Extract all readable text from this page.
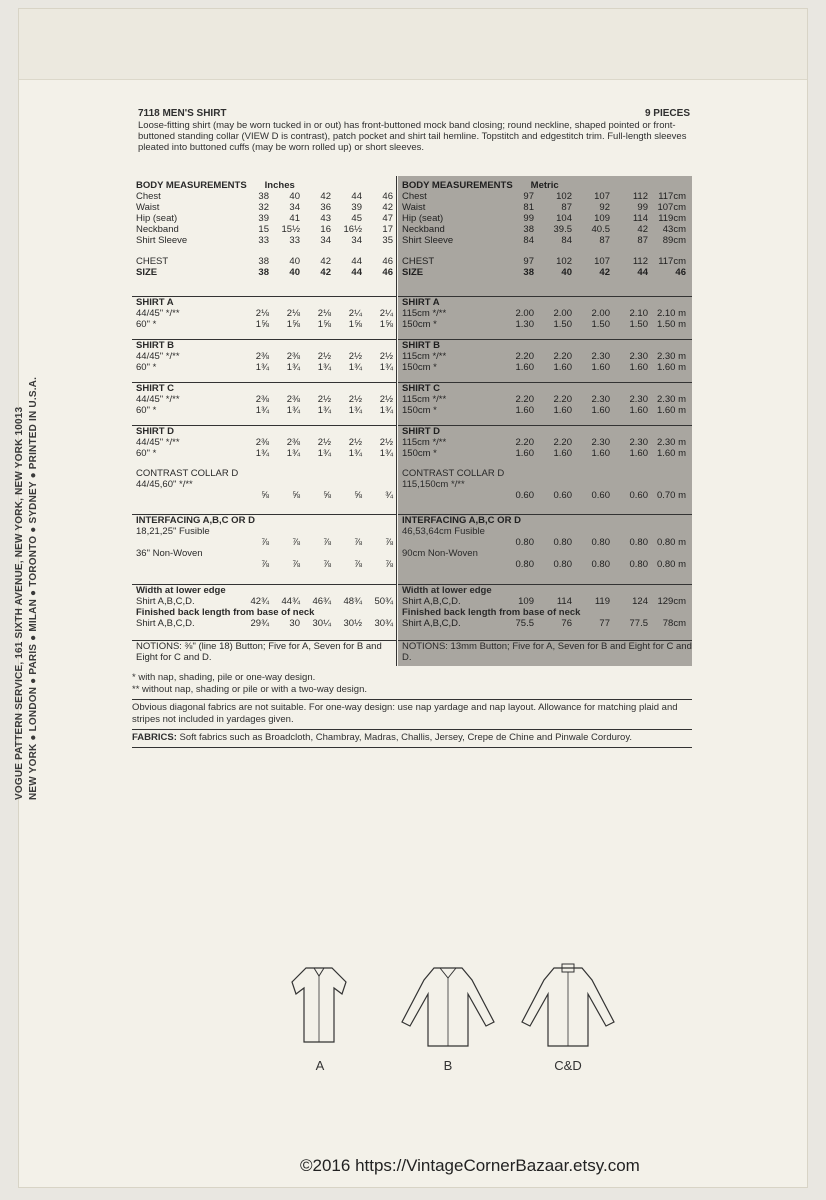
VOGUE PATTERN SERVICE, 161 SIXTH AVENUE, NEW YORK, NEW YORK 10013 NEW YORK ● LONDON ● PARIS ● MILAN ● TORONTO ● SYDNEY ● PRINTED IN U.S.A.
7118 MEN'S SHIRT	9 PIECES
Loose-fitting shirt (may be worn tucked in or out) has front-buttoned mock band closing; round neckline, shaped pointed or front-buttoned standing collar (VIEW D is contrast), patch pocket and shirt tail hemline. Topstitch and edgestitch trim. Full-length sleeves pleated into buttoned cuffs (may be worn rolled up) or short sleeves.
BODY MEASUREMENTS Inches
Chest	38	40	42	44	46
Waist	32	34	36	39	42
Hip (seat)	39	41	43	45	47
Neckband	15	15½	16	16½	17
Shirt Sleeve	33	33	34	34	35
CHEST	38	40	42	44	46
SIZE	38	40	42	44	46
SHIRT A
44/45" */**	2⅛	2⅛	2⅛	2¼	2¼
60" *	1⅝	1⅝	1⅝	1⅝	1⅝
SHIRT B
44/45" */**	2⅜	2⅜	2½	2½	2½
60" *	1¾	1¾	1¾	1¾	1¾
SHIRT C
44/45" */**	2⅜	2⅜	2½	2½	2½
60" *	1¾	1¾	1¾	1¾	1¾
SHIRT D
44/45" */**	2⅜	2⅜	2½	2½	2½
60" *	1¾	1¾	1¾	1¾	1¾
CONTRAST COLLAR D
44/45,60" */**
⅝	⅝	⅝	⅝	¾
INTERFACING A,B,C OR D
18,21,25" Fusible
⅞	⅞	⅞	⅞	⅞
36" Non-Woven
⅞	⅞	⅞	⅞	⅞
Width at lower edge
Shirt A,B,C,D.	42¾	44¾	46¾	48¾	50¾
Finished back length from base of neck
Shirt A,B,C,D.	29¾	30	30¼	30½	30¾
NOTIONS: ⅜" (line 18) Button; Five for A, Seven for B and Eight for C and D.
BODY MEASUREMENTS Metric
Chest	97	102	107	112	117cm
Waist	81	87	92	99 107cm
Hip (seat)	99	104	109	114	119cm
Neckband	38	39.5	40.5	42	43cm
Shirt Sleeve	84	84	87	87	89cm
CHEST	97	102	107	112	117cm
SIZE	38	40	42	44	46
SHIRT A
115cm */**	2.00	2.00	2.00	2.10 2.10 m
150cm *	1.30	1.50	1.50	1.50 1.50 m
SHIRT B
115cm */**	2.20	2.20	2.30	2.30 2.30 m
150cm *	1.60	1.60	1.60	1.60 1.60 m
SHIRT C
115cm */**	2.20	2.20	2.30	2.30 2.30 m
150cm *	1.60	1.60	1.60	1.60 1.60 m
SHIRT D
115cm */**	2.20	2.20	2.30	2.30 2.30 m
150cm *	1.60	1.60	1.60	1.60 1.60 m
CONTRAST COLLAR D
115,150cm */**
0.60	0.60	0.60	0.60 0.70 m
INTERFACING A,B,C OR D
46,53,64cm Fusible
0.80	0.80	0.80	0.80 0.80 m
90cm Non-Woven
0.80	0.80	0.80	0.80 0.80 m
Width at lower edge
Shirt A,B,C,D.	109	114	119	124 129cm
Finished back length from base of neck
Shirt A,B,C,D.	75.5	76	77	77.5	78cm
NOTIONS: 13mm Button; Five for A, Seven for B and Eight for C and D.
* with nap, shading, pile or one-way design.
** without nap, shading or pile or with a two-way design.
Obvious diagonal fabrics are not suitable. For one-way design: use nap yardage and nap layout. Allowance for matching plaid and stripes not included in yardages given.
FABRICS: Soft fabrics such as Broadcloth, Chambray, Madras, Challis, Jersey, Crepe de Chine and Pinwale Corduroy.
A	B	C&D
©2016 https://VintageCornerBazaar.etsy.com
